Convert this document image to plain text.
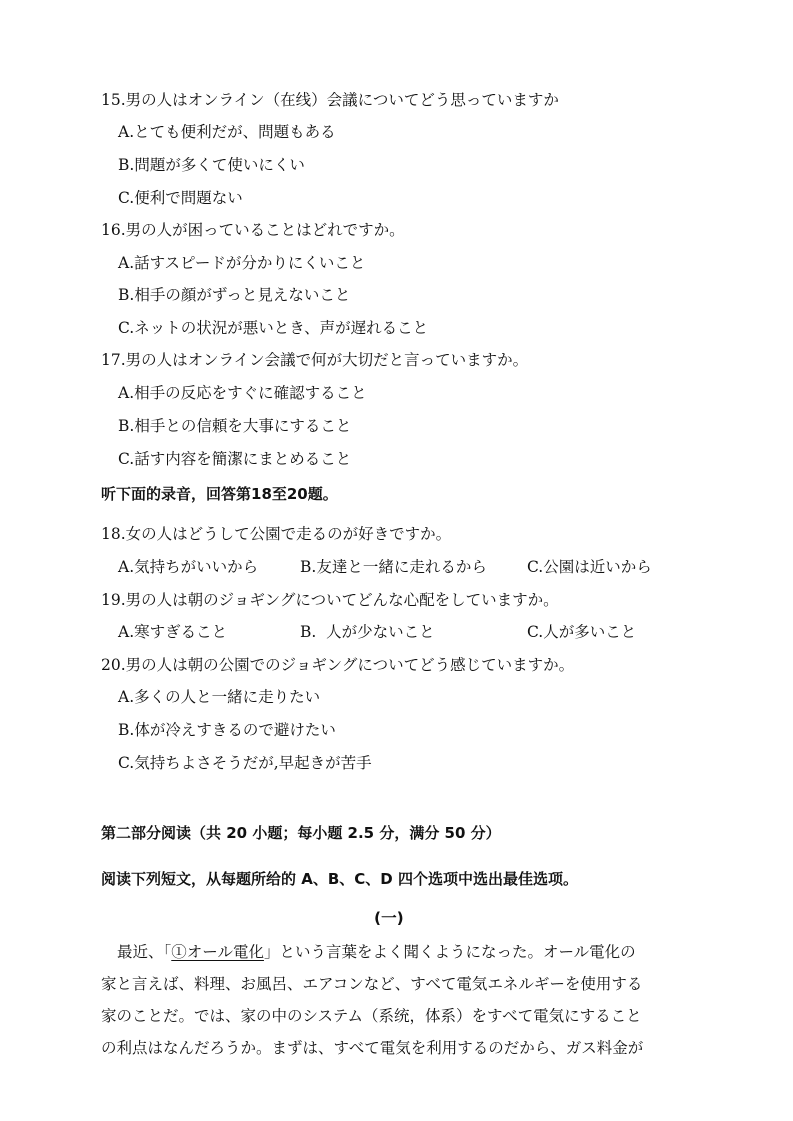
15.男の人はオンライン（在线）会議についてどう思っていますか
A.とても便利だが、問題もある
B.問題が多くて使いにくい
C.便利で問題ない
16.男の人が困っていることはどれですか。
A.話すスピードが分かりにくいこと
B.相手の顔がずっと見えないこと
C.ネットの状況が悪いとき、声が遅れること
17.男の人はオンライン会議で何が大切だと言っていますか。
A.相手の反応をすぐに確認すること
B.相手との信頼を大事にすること
C.話す内容を簡潔にまとめること
听下面的录音，回答第18至20题。
18.女の人はどうして公園で走るのが好きですか。
A.気持ちがいいから	B.友達と一緒に走れるから	C.公園は近いから
19.男の人は朝のジョギングについてどんな心配をしていますか。
A.寒すぎること	B.  人が少ないこと	C.人が多いこと
20.男の人は朝の公園でのジョギングについてどう感じていますか。
A.多くの人と一緒に走りたい
B.体が冷えすきるので避けたい
C.気持ちよさそうだが,早起きが苦手
第二部分阅读（共 20 小题；每小题 2.5 分，满分 50 分）
阅读下列短文，从每题所给的 A、B、C、D 四个选项中选出最佳选项。
(一)
最近、「①オール電化」という言葉をよく聞くようになった。オール電化の
家と言えば、料理、お風呂、エアコンなど、すべて電気エネルギーを使用する
家のことだ。では、家の中のシステム（系统，体系）をすべて電気にすること
の利点はなんだろうか。まずは、すべて電気を利用するのだから、ガス料金が
